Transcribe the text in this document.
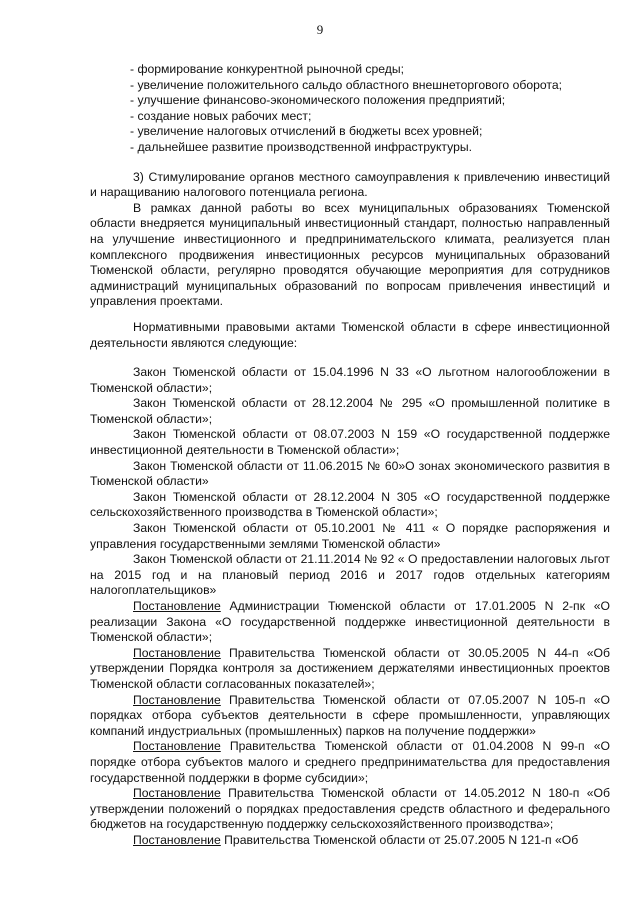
9
- формирование конкурентной рыночной среды;
- увеличение положительного сальдо областного внешнеторгового оборота;
- улучшение финансово-экономического положения предприятий;
- создание новых рабочих мест;
- увеличение налоговых отчислений в бюджеты всех уровней;
- дальнейшее развитие производственной инфраструктуры.

3) Стимулирование органов местного самоуправления к привлечению инвестиций и наращиванию налогового потенциала региона.

В рамках данной работы во всех муниципальных образованиях Тюменской области внедряется муниципальный инвестиционный стандарт, полностью направленный на улучшение инвестиционного и предпринимательского климата, реализуется план комплексного продвижения инвестиционных ресурсов муниципальных образований Тюменской области, регулярно проводятся обучающие мероприятия для сотрудников администраций муниципальных образований по вопросам привлечения инвестиций и управления проектами.

Нормативными правовыми актами Тюменской области в сфере инвестиционной деятельности являются следующие:

Закон Тюменской области от 15.04.1996 N 33 «О льготном налогообложении в Тюменской области»;

Закон Тюменской области от 28.12.2004 № 295 «О промышленной политике в Тюменской области»;

Закон Тюменской области от 08.07.2003 N 159 «О государственной поддержке инвестиционной деятельности в Тюменской области»;

Закон Тюменской области от 11.06.2015 № 60»О зонах экономического развития в Тюменской области»

Закон Тюменской области от 28.12.2004 N 305 «О государственной поддержке сельскохозяйственного производства в Тюменской области»;

Закон Тюменской области от 05.10.2001 № 411 « О порядке распоряжения и управления государственными землями Тюменской области»

Закон Тюменской области от 21.11.2014 № 92 « О предоставлении налоговых льгот на 2015 год и на плановый период 2016 и 2017 годов отдельных категориям налогоплательщиков»

Постановление Администрации Тюменской области от 17.01.2005 N 2-пк «О реализации Закона «О государственной поддержке инвестиционной деятельности в Тюменской области»;

Постановление Правительства Тюменской области от 30.05.2005 N 44-п «Об утверждении Порядка контроля за достижением держателями инвестиционных проектов Тюменской области согласованных показателей»;

Постановление Правительства Тюменской области от 07.05.2007 N 105-п «О порядках отбора субъектов деятельности в сфере промышленности, управляющих компаний индустриальных (промышленных) парков на получение поддержки»

Постановление Правительства Тюменской области от 01.04.2008 N 99-п «О порядке отбора субъектов малого и среднего предпринимательства для предоставления государственной поддержки в форме субсидии»;

Постановление Правительства Тюменской области от 14.05.2012 N 180-п «Об утверждении положений о порядках предоставления средств областного и федерального бюджетов на государственную поддержку сельскохозяйственного производства»;

Постановление Правительства Тюменской области от 25.07.2005 N 121-п «Об
